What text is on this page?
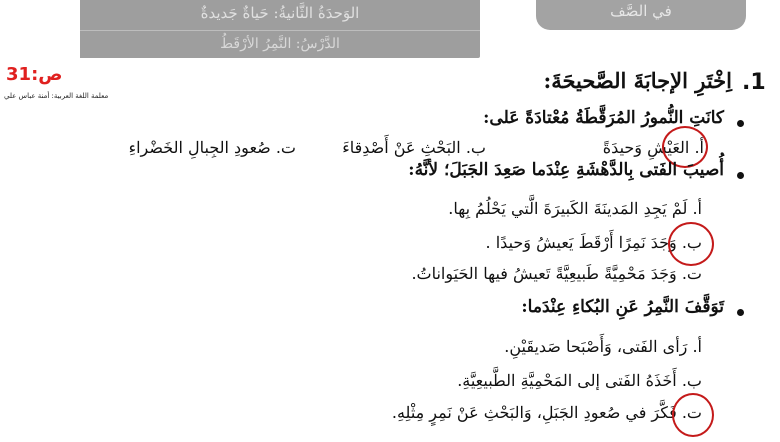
الوَحدَةُ الثَّانيةُ: حَياةٌ جَديدةٌ
الدَّرْسُ: النَّمِرُ الأرْقَطُ
في الصَّف
ص:31
معلمة اللغة العربية: أمنة عباس علي
.1
اِخْتَرِ الإجابَةَ الصَّحيحَةَ:
كانَتِ النُّمورُ المُرَقَّطَةُ مُعْتادَةً عَلى:
أ. العَيْشِ وَحيدَةً
ب. البَحْثِ عَنْ أَصْدِقاءَ
ت. صُعودِ الجِبالِ الخَضْراءِ
أُصيبَ الفَتى بِالدَّهْشَةِ عِنْدَما صَعِدَ الجَبَلَ؛ لأنَّهُ:
أ. لَمْ يَجِدِ المَدينَةَ الكَبيرَةَ الَّتي يَحْلُمُ بِها.
ب. وَجَدَ نَمِرًا أَرْقَطَ يَعيشُ وَحيدًا .
ت. وَجَدَ مَحْمِيَّةً طَبيعِيَّةً تَعيشُ فيها الحَيَواناتُ.
تَوَقَّفَ النَّمِرُ عَنِ البُكاءِ عِنْدَما:
أ. رَأى الفَتى، وَأَصْبَحا صَديقَيْنِ.
ب. أَخَذَهُ الفَتى إلى المَحْمِيَّةِ الطَّبيعِيَّةِ.
ت. فَكَّرَ في صُعودِ الجَبَلِ، وَالبَحْثِ عَنْ نَمِرٍ مِثْلِهِ.
